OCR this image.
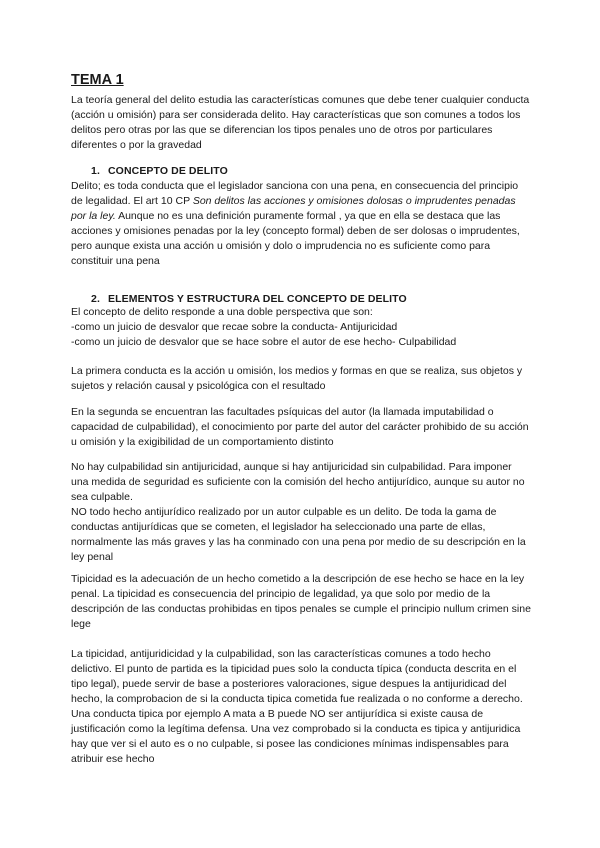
TEMA 1

La teoría general del delito estudia las características comunes que debe tener cualquier conducta (acción u omisión) para ser considerada delito. Hay características que son comunes a todos los delitos pero otras por las que se diferencian los tipos penales uno de otros por particulares diferentes o por la gravedad

1. CONCEPTO DE DELITO

Delito; es toda conducta que el legislador sanciona con una pena, en consecuencia del principio de legalidad. El art 10 CP Son delitos las acciones y omisiones dolosas o imprudentes penadas por la ley. Aunque no es una definición puramente formal , ya que en ella se destaca que las acciones y omisiones penadas por la ley (concepto formal) deben de ser dolosas o imprudentes, pero aunque exista una acción u omisión y dolo o imprudencia no es suficiente como para constituir una pena

2. ELEMENTOS Y ESTRUCTURA DEL CONCEPTO DE DELITO

El concepto de delito responde a una doble perspectiva que son:

-como un juicio de desvalor que recae sobre la conducta- Antijuricidad

-como un juicio de desvalor que se hace sobre el autor de ese hecho- Culpabilidad

La primera conducta es la acción u omisión, los medios y formas en que se realiza, sus objetos y sujetos y relación causal y psicológica con el resultado

En la segunda se encuentran las facultades psíquicas del autor (la llamada imputabilidad o capacidad de culpabilidad), el conocimiento por parte del autor del carácter prohibido de su acción u omisión y la exigibilidad de un comportamiento distinto

No hay culpabilidad sin antijuricidad, aunque si hay antijuricidad sin culpabilidad. Para imponer una medida de seguridad es suficiente con la comisión del hecho antijurídico, aunque su autor no sea culpable.

NO todo hecho antijurídico realizado por un autor culpable es un delito. De toda la gama de conductas antijurídicas que se cometen, el legislador ha seleccionado una parte de ellas, normalmente las más graves y las ha conminado con una pena por medio de su descripción en la ley penal

Tipicidad es la adecuación de un hecho cometido a la descripción de ese hecho se hace en la ley penal. La tipicidad es consecuencia del principio de legalidad, ya que solo por medio de la descripción de las conductas prohibidas en tipos penales se cumple el principio nullum crimen sine lege

La tipicidad, antijuridicidad y la culpabilidad, son las características comunes a todo hecho delictivo. El punto de partida es la tipicidad pues solo la conducta típica (conducta descrita en el tipo legal), puede servir de base a posteriores valoraciones, sigue despues la antijuridicad del hecho, la comprobacion de si la conducta tipica cometida fue realizada o no conforme a derecho. Una conducta tipica por ejemplo A mata a B puede NO ser antijurídica si existe causa de justificación como la legítima defensa. Una vez comprobado si la conducta es tipica y antijuridica hay que ver si el auto es o no culpable, si posee las condiciones mínimas indispensables para atribuir ese hecho
